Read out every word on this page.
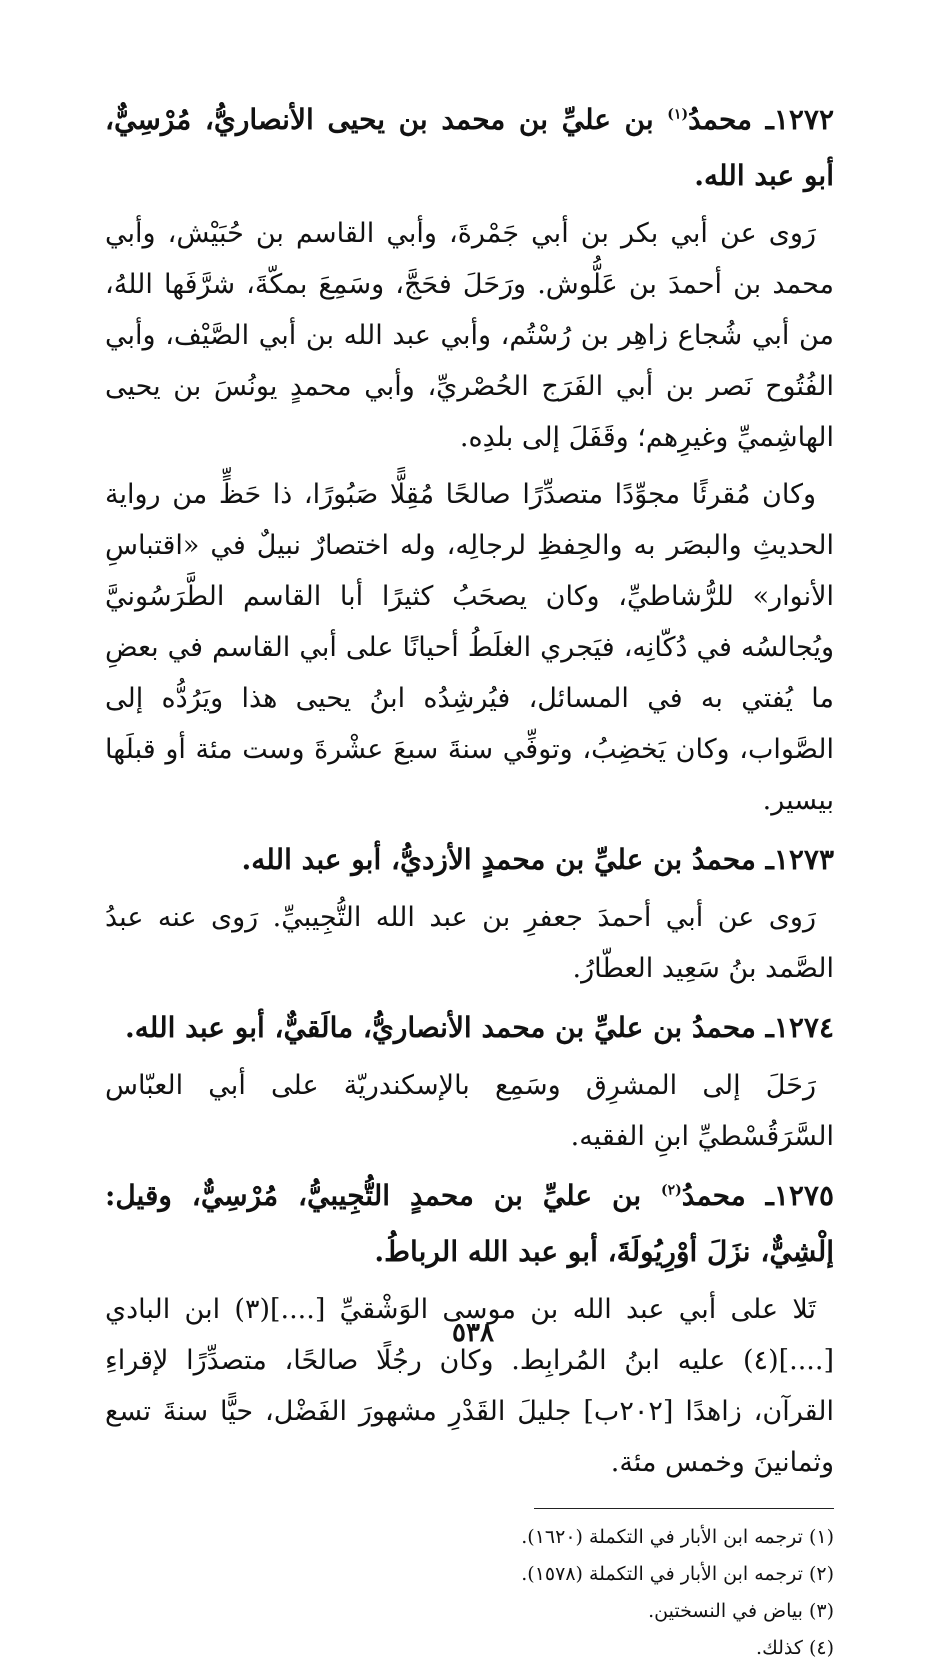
١٢٧٢ـ محمدُ$^{(١)}$ بن عليِّ بن محمد بن يحيى الأنصاريُّ، مُرْسِيٌّ، أبو عبد الله.

رَوى عن أبي بكر بن أبي جَمْرةَ، وأبي القاسم بن حُبَيْش، وأبي محمد بن أحمدَ بن عَلُّوش. ورَحَلَ فحَجَّ، وسَمِعَ بمكّةَ، شرَّفَها اللهُ، من أبي شُجاع زاهِر بن رُسْتُم، وأبي عبد الله بن أبي الصَّيْف، وأبي الفُتُوح نَصر بن أبي الفَرَج الحُصْريِّ، وأبي محمدٍ يونُسَ بن يحيى الهاشِميِّ وغيرِهم؛ وقَفَلَ إلى بلدِه.

وكان مُقرئًا مجوِّدًا متصدِّرًا صالحًا مُقِلًّا صَبُورًا، ذا حَظٍّ من رواية الحديثِ والبصَر به والحِفظِ لرجالِه، وله اختصارٌ نبيلٌ في «اقتباسِ الأنوار» للرُّشاطيِّ، وكان يصحَبُ كثيرًا أبا القاسم الطَّرَسُونيَّ ويُجالسُه في دُكّانِه، فيَجري الغلَطُ أحيانًا على أبي القاسم في بعضِ ما يُفتي به في المسائل، فيُرشِدُه ابنُ يحيى هذا ويَرُدُّه إلى الصَّواب، وكان يَخضِبُ، وتوفِّي سنةَ سبعَ عشْرةَ وست مئة أو قبلَها بيسير.

١٢٧٣ـ محمدُ بن عليِّ بن محمدٍ الأزديُّ، أبو عبد الله.

رَوى عن أبي أحمدَ جعفرِ بن عبد الله التُّجِيبيِّ. رَوى عنه عبدُ الصَّمد بنُ سَعِيد العطّارُ.

١٢٧٤ـ محمدُ بن عليِّ بن محمد الأنصاريُّ، مالَقيٌّ، أبو عبد الله.

رَحَلَ إلى المشرِق وسَمِع بالإسكندريّة على أبي العبّاس السَّرَقُسْطيِّ ابنِ الفقيه.

١٢٧٥ـ محمدُ$^{(٢)}$ بن عليِّ بن محمدٍ التُّجِيبيُّ، مُرْسِيٌّ، وقيل: إلْشِيٌّ، نزَلَ أوْرِيُولَةَ، أبو عبد الله الرباطُ.

تَلا على أبي عبد الله بن موسى الوَشْقيِّ [....](٣) ابن البادي [....](٤) عليه ابنُ المُرابِط. وكان رجُلًا صالحًا، متصدِّرًا لإقراءِ القرآن، زاهدًا [٢٠٢ب] جليلَ القَدْرِ مشهورَ الفَضْل، حيًّا سنةَ تسع وثمانينَ وخمس مئة.

(١) ترجمه ابن الأبار في التكملة (١٦٢٠).

(٢) ترجمه ابن الأبار في التكملة (١٥٧٨).

(٣) بياض في النسختين.

(٤) كذلك.

٥٣٨
